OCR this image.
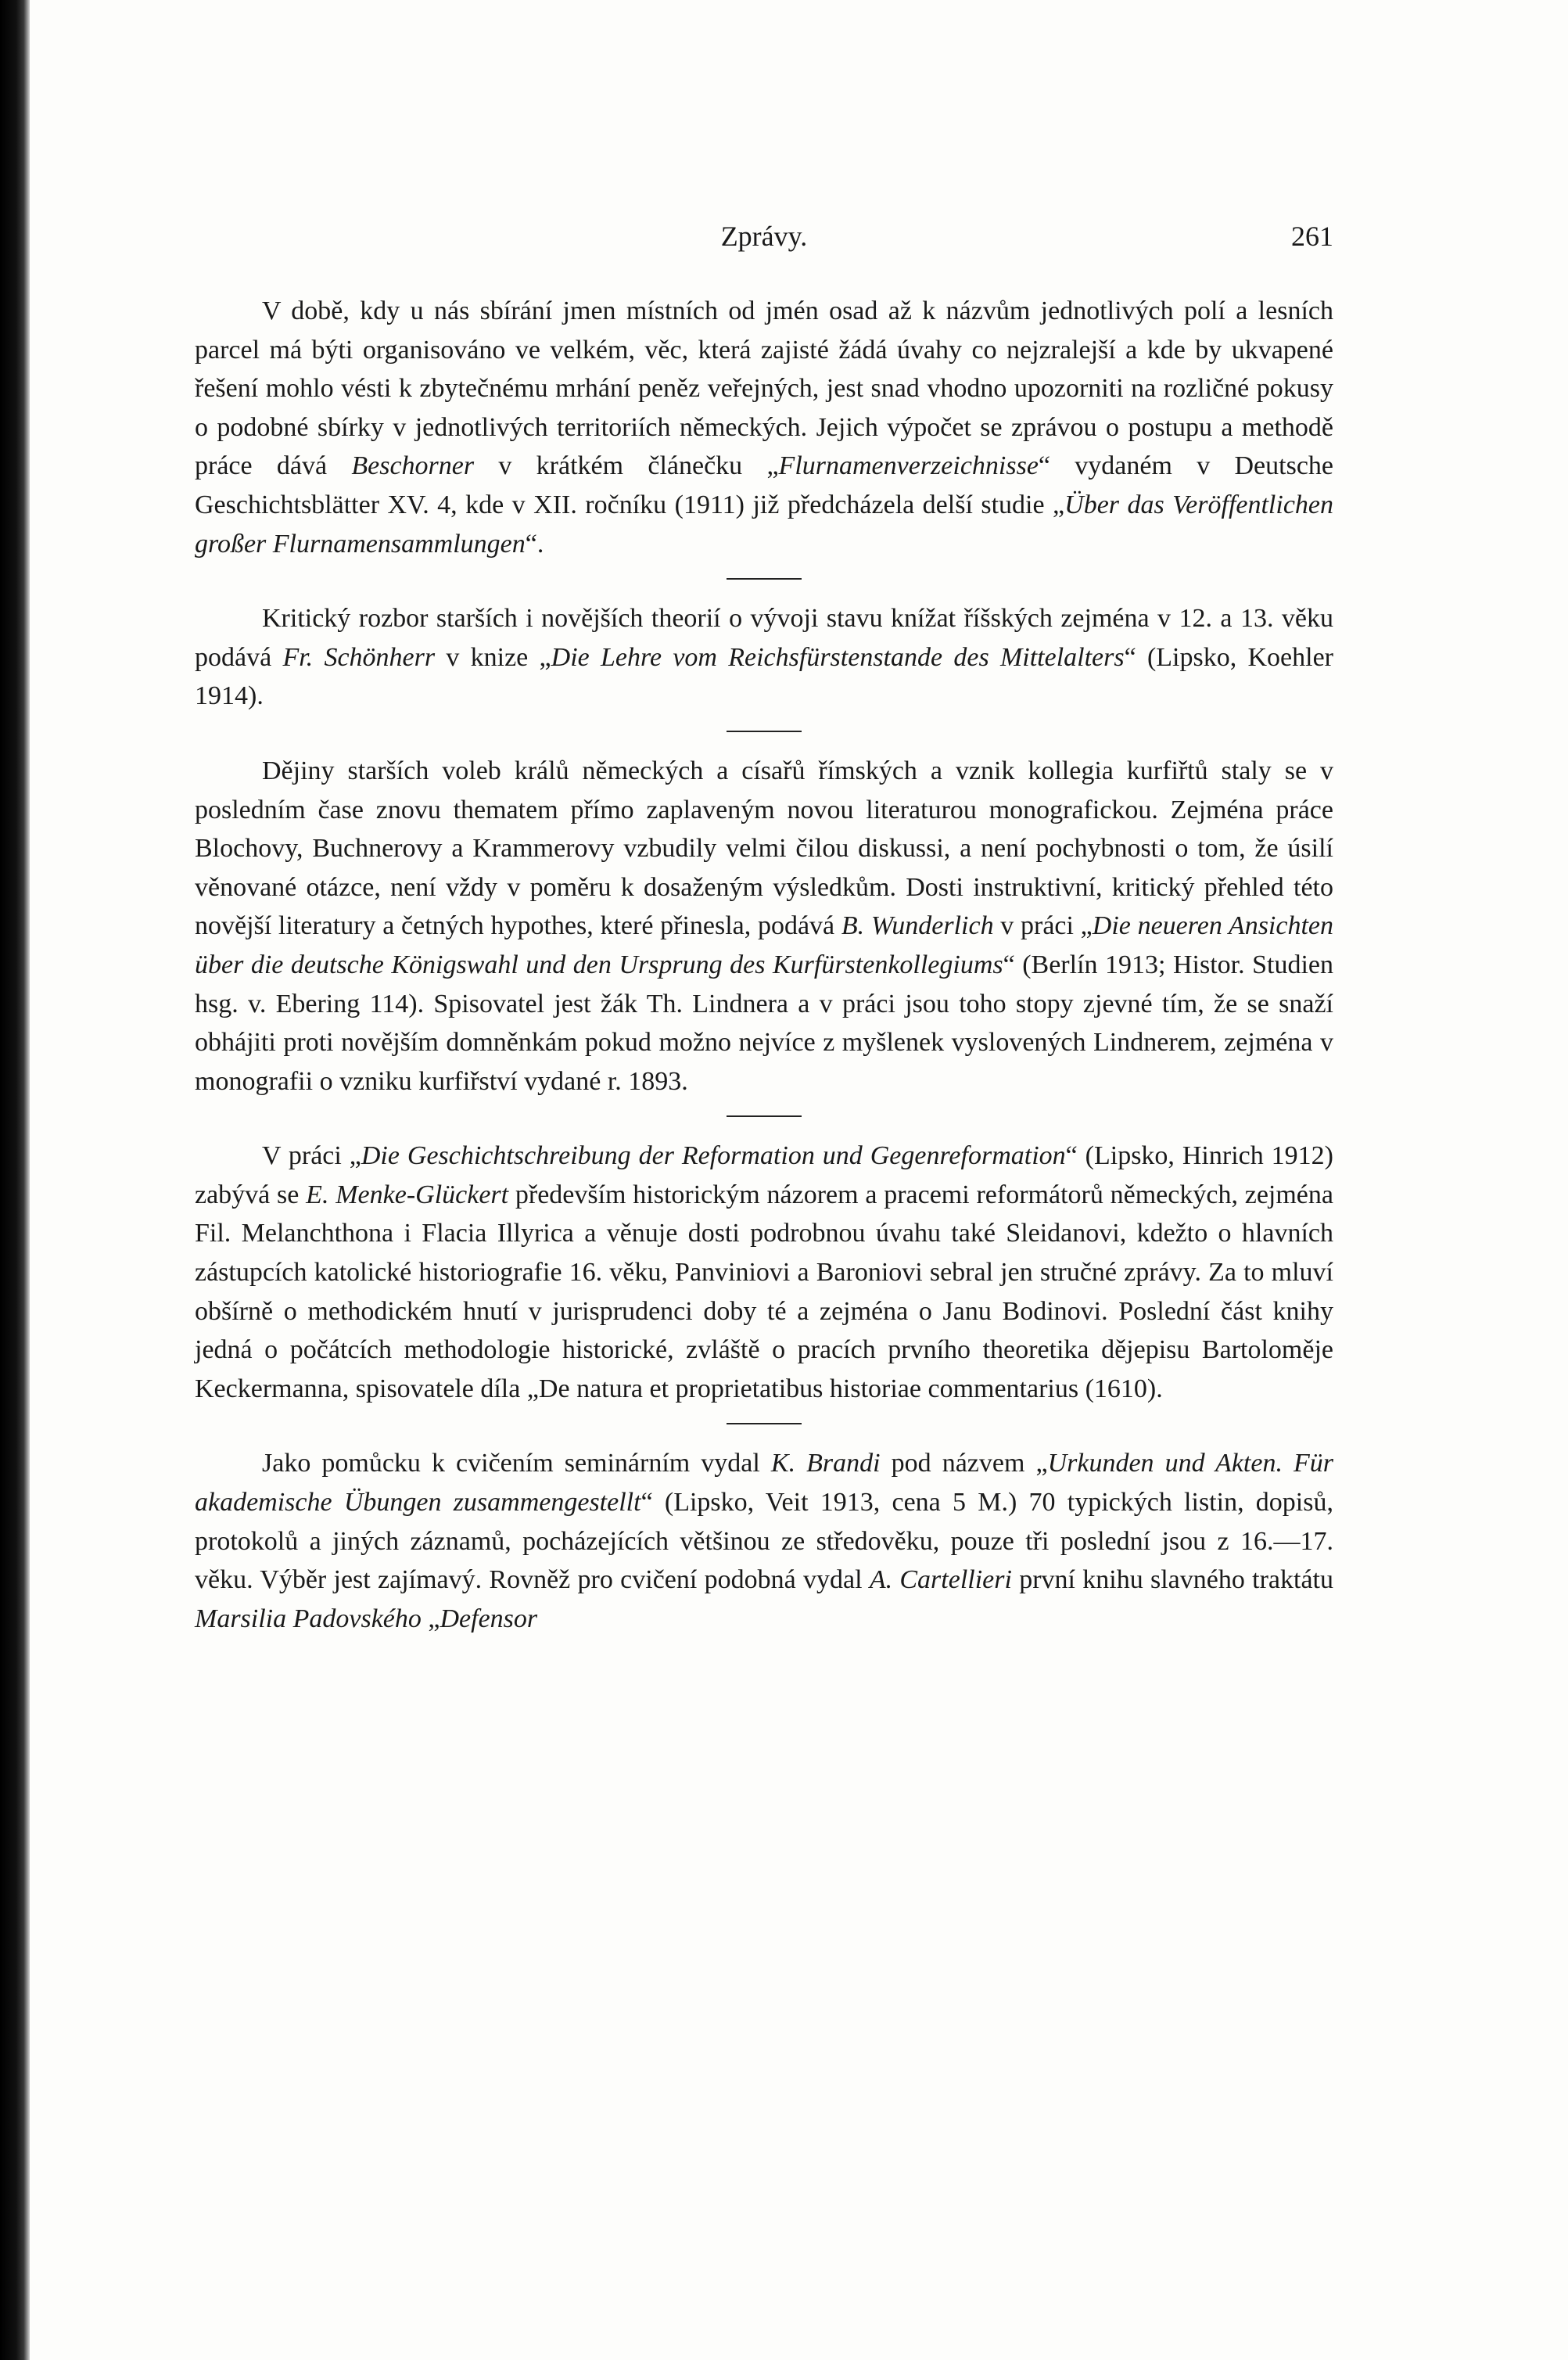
Zprávy.	261

V době, kdy u nás sbírání jmen místních od jmén osad až k názvům jednotlivých polí a lesních parcel má býti organisováno ve velkém, věc, která zajisté žádá úvahy co nejzralejší a kde by ukvapené řešení mohlo vésti k zbytečnému mrhání peněz veřejných, jest snad vhodno upozorniti na rozličné pokusy o podobné sbírky v jednotlivých territoriích německých. Jejich výpočet se zprávou o postupu a methodě práce dává Beschorner v krátkém článečku „Flurnamenverzeichnisse“ vydaném v Deutsche Geschichtsblätter XV. 4, kde v XII. ročníku (1911) již předcházela delší studie „Über das Veröffentlichen großer Flurnamensammlungen“.

Kritický rozbor starších i novějších theorií o vývoji stavu knížat říšských zejména v 12. a 13. věku podává Fr. Schönherr v knize „Die Lehre vom Reichsfürstenstande des Mittelalters“ (Lipsko, Koehler 1914).

Dějiny starších voleb králů německých a císařů římských a vznik kollegia kurfiřtů staly se v posledním čase znovu thematem přímo zaplaveným novou literaturou monografickou. Zejména práce Blochovy, Buchnerovy a Krammerovy vzbudily velmi čilou diskussi, a není pochybnosti o tom, že úsilí věnované otázce, není vždy v poměru k dosaženým výsledkům. Dosti instruktivní, kritický přehled této novější literatury a četných hypothes, které přinesla, podává B. Wunderlich v práci „Die neueren Ansichten über die deutsche Königswahl und den Ursprung des Kurfürstenkollegiums“ (Berlín 1913; Histor. Studien hsg. v. Ebering 114). Spisovatel jest žák Th. Lindnera a v práci jsou toho stopy zjevné tím, že se snaží obhájiti proti novějším domněnkám pokud možno nejvíce z myšlenek vyslovených Lindnerem, zejména v monografii o vzniku kurfiřství vydané r. 1893.

V práci „Die Geschichtschreibung der Reformation und Gegenreformation“ (Lipsko, Hinrich 1912) zabývá se E. Menke-Glückert především historickým názorem a pracemi reformátorů německých, zejména Fil. Melanchthona i Flacia Illyrica a věnuje dosti podrobnou úvahu také Sleidanovi, kdežto o hlavních zástupcích katolické historiografie 16. věku, Panviniovi a Baroniovi sebral jen stručné zprávy. Za to mluví obšírně o methodickém hnutí v jurisprudenci doby té a zejména o Janu Bodinovi. Poslední část knihy jedná o počátcích methodologie historické, zvláště o pracích prvního theoretika dějepisu Bartoloměje Keckermanna, spisovatele díla „De natura et proprietatibus historiae commentarius (1610).

Jako pomůcku k cvičením seminárním vydal K. Brandi pod názvem „Urkunden und Akten. Für akademische Übungen zusammengestellt“ (Lipsko, Veit 1913, cena 5 M.) 70 typických listin, dopisů, protokolů a jiných záznamů, pocházejících většinou ze středověku, pouze tři poslední jsou z 16.—17. věku. Výběr jest zajímavý. Rovněž pro cvičení podobná vydal A. Cartellieri první knihu slavného traktátu Marsilia Padovského „Defensor
